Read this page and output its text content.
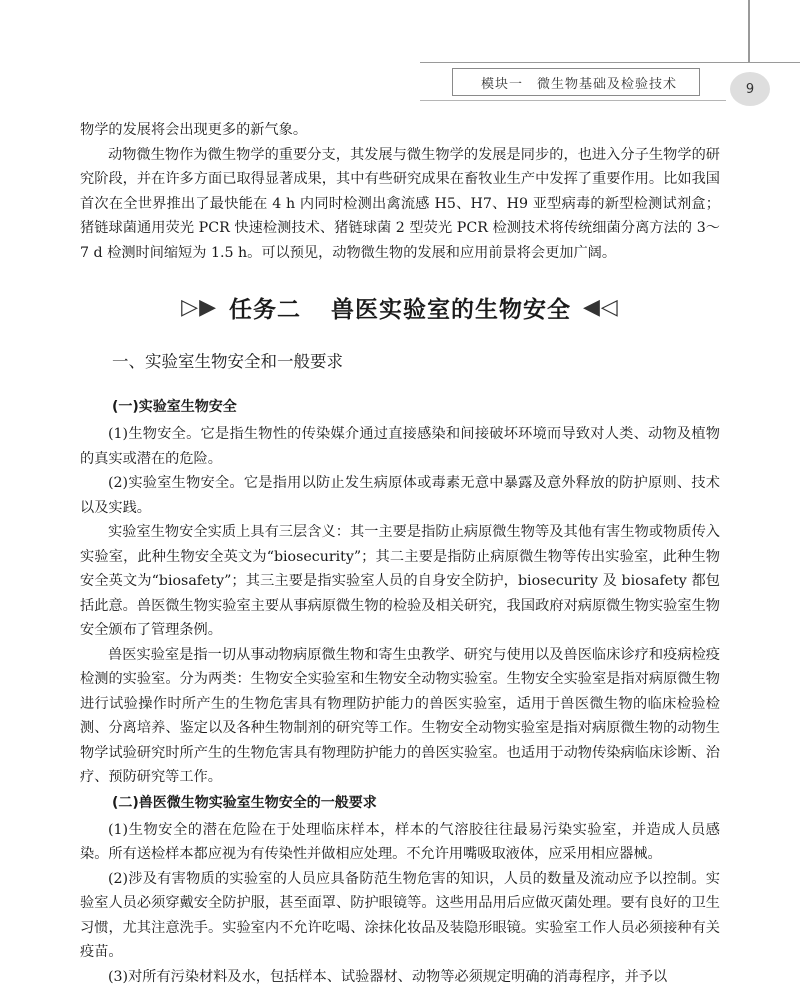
模块一 微生物基础及检验技术	9

物学的发展将会出现更多的新气象。

动物微生物作为微生物学的重要分支，其发展与微生物学的发展是同步的，也进入分子生物学的研究阶段，并在许多方面已取得显著成果，其中有些研究成果在畜牧业生产中发挥了重要作用。比如我国首次在全世界推出了最快能在 4 h 内同时检测出禽流感 H5、H7、H9 亚型病毒的新型检测试剂盒；猪链球菌通用荧光 PCR 快速检测技术、猪链球菌 2 型荧光 PCR 检测技术将传统细菌分离方法的 3～7 d 检测时间缩短为 1.5 h。可以预见，动物微生物的发展和应用前景将会更加广阔。

▷▶ 任务二 兽医实验室的生物安全 ◀◁
一、实验室生物安全和一般要求
(一)实验室生物安全

(1)生物安全。它是指生物性的传染媒介通过直接感染和间接破坏环境而导致对人类、动物及植物的真实或潜在的危险。

(2)实验室生物安全。它是指用以防止发生病原体或毒素无意中暴露及意外释放的防护原则、技术以及实践。

实验室生物安全实质上具有三层含义：其一主要是指防止病原微生物等及其他有害生物或物质传入实验室，此种生物安全英文为“biosecurity”；其二主要是指防止病原微生物等传出实验室，此种生物安全英文为“biosafety”；其三主要是指实验室人员的自身安全防护，biosecurity 及 biosafety 都包括此意。兽医微生物实验室主要从事病原微生物的检验及相关研究，我国政府对病原微生物实验室生物安全颁布了管理条例。

兽医实验室是指一切从事动物病原微生物和寄生虫教学、研究与使用以及兽医临床诊疗和疫病检疫检测的实验室。分为两类：生物安全实验室和生物安全动物实验室。生物安全实验室是指对病原微生物进行试验操作时所产生的生物危害具有物理防护能力的兽医实验室，适用于兽医微生物的临床检验检测、分离培养、鉴定以及各种生物制剂的研究等工作。生物安全动物实验室是指对病原微生物的动物生物学试验研究时所产生的生物危害具有物理防护能力的兽医实验室。也适用于动物传染病临床诊断、治疗、预防研究等工作。

(二)兽医微生物实验室生物安全的一般要求

(1)生物安全的潜在危险在于处理临床样本，样本的气溶胶往往最易污染实验室，并造成人员感染。所有送检样本都应视为有传染性并做相应处理。不允许用嘴吸取液体，应采用相应器械。

(2)涉及有害物质的实验室的人员应具备防范生物危害的知识，人员的数量及流动应予以控制。实验室人员必须穿戴安全防护服，甚至面罩、防护眼镜等。这些用品用后应做灭菌处理。要有良好的卫生习惯，尤其注意洗手。实验室内不允许吃喝、涂抹化妆品及装隐形眼镜。实验室工作人员必须接种有关疫苗。

(3)对所有污染材料及水，包括样本、试验器材、动物等必须规定明确的消毒程序，并予以
